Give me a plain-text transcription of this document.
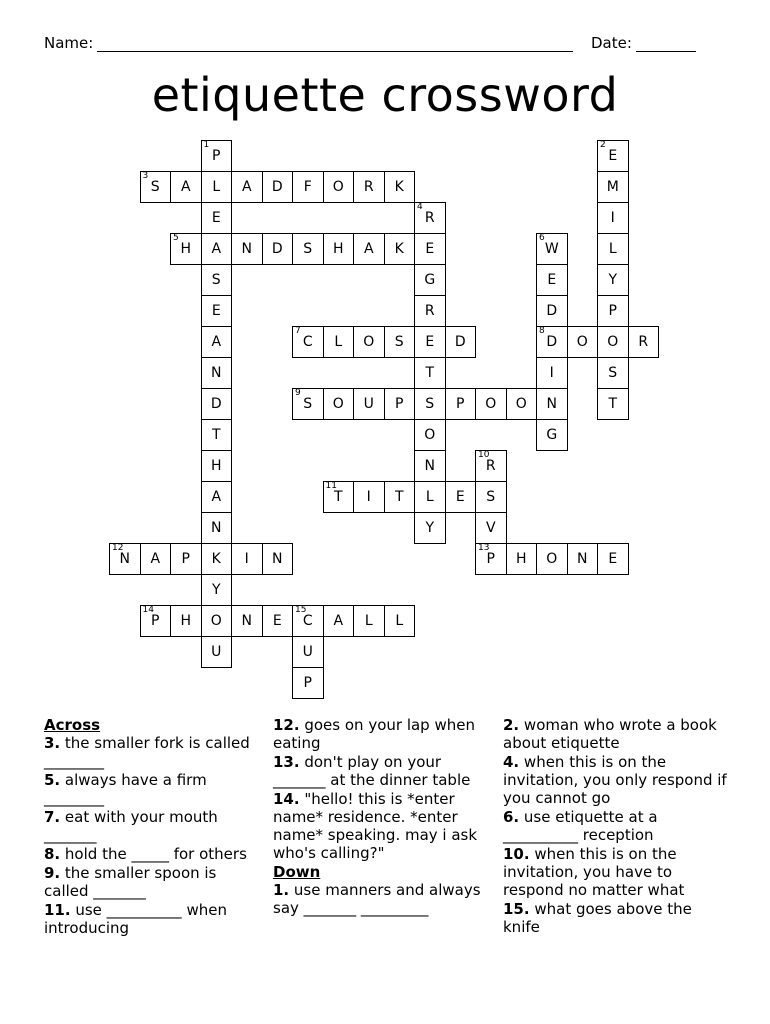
Name:	Date:
etiquette crossword
1
P
L
E
A
S
E
A
N
D
T
H
A
N
K
Y
O
U
2
E
M
I
L
Y
P
O
S
T
3
S	A	A	D	F	O	R	K
4
R
E
G
R
E
T
S
O
N
L
Y
5
H	N	D	S	H	A	K
6
W
E
D
8
D
I
N
G
7
C	L	O	S	D	O	R
9
S	O	U	P	P	O	O
10
R
S
V
13
P
11
T	I	T	E
12
N	A	P	I	N	H	O	N	E
14
P	H	N	E
15
C	A	L	L
U
P
Across
3. the smaller fork is called ________
5. always have a firm ________
7. eat with your mouth _______
8. hold the _____ for others
9. the smaller spoon is called _______
11. use __________ when introducing
12. goes on your lap when eating
13. don't play on your _______ at the dinner table
14. "hello! this is *enter name* residence. *enter name* speaking. may i ask who's calling?"
Down
1. use manners and always say _______ _________
2. woman who wrote a book about etiquette
4. when this is on the invitation, you only respond if you cannot go
6. use etiquette at a __________ reception
10. when this is on the invitation, you have to respond no matter what
15. what goes above the knife
